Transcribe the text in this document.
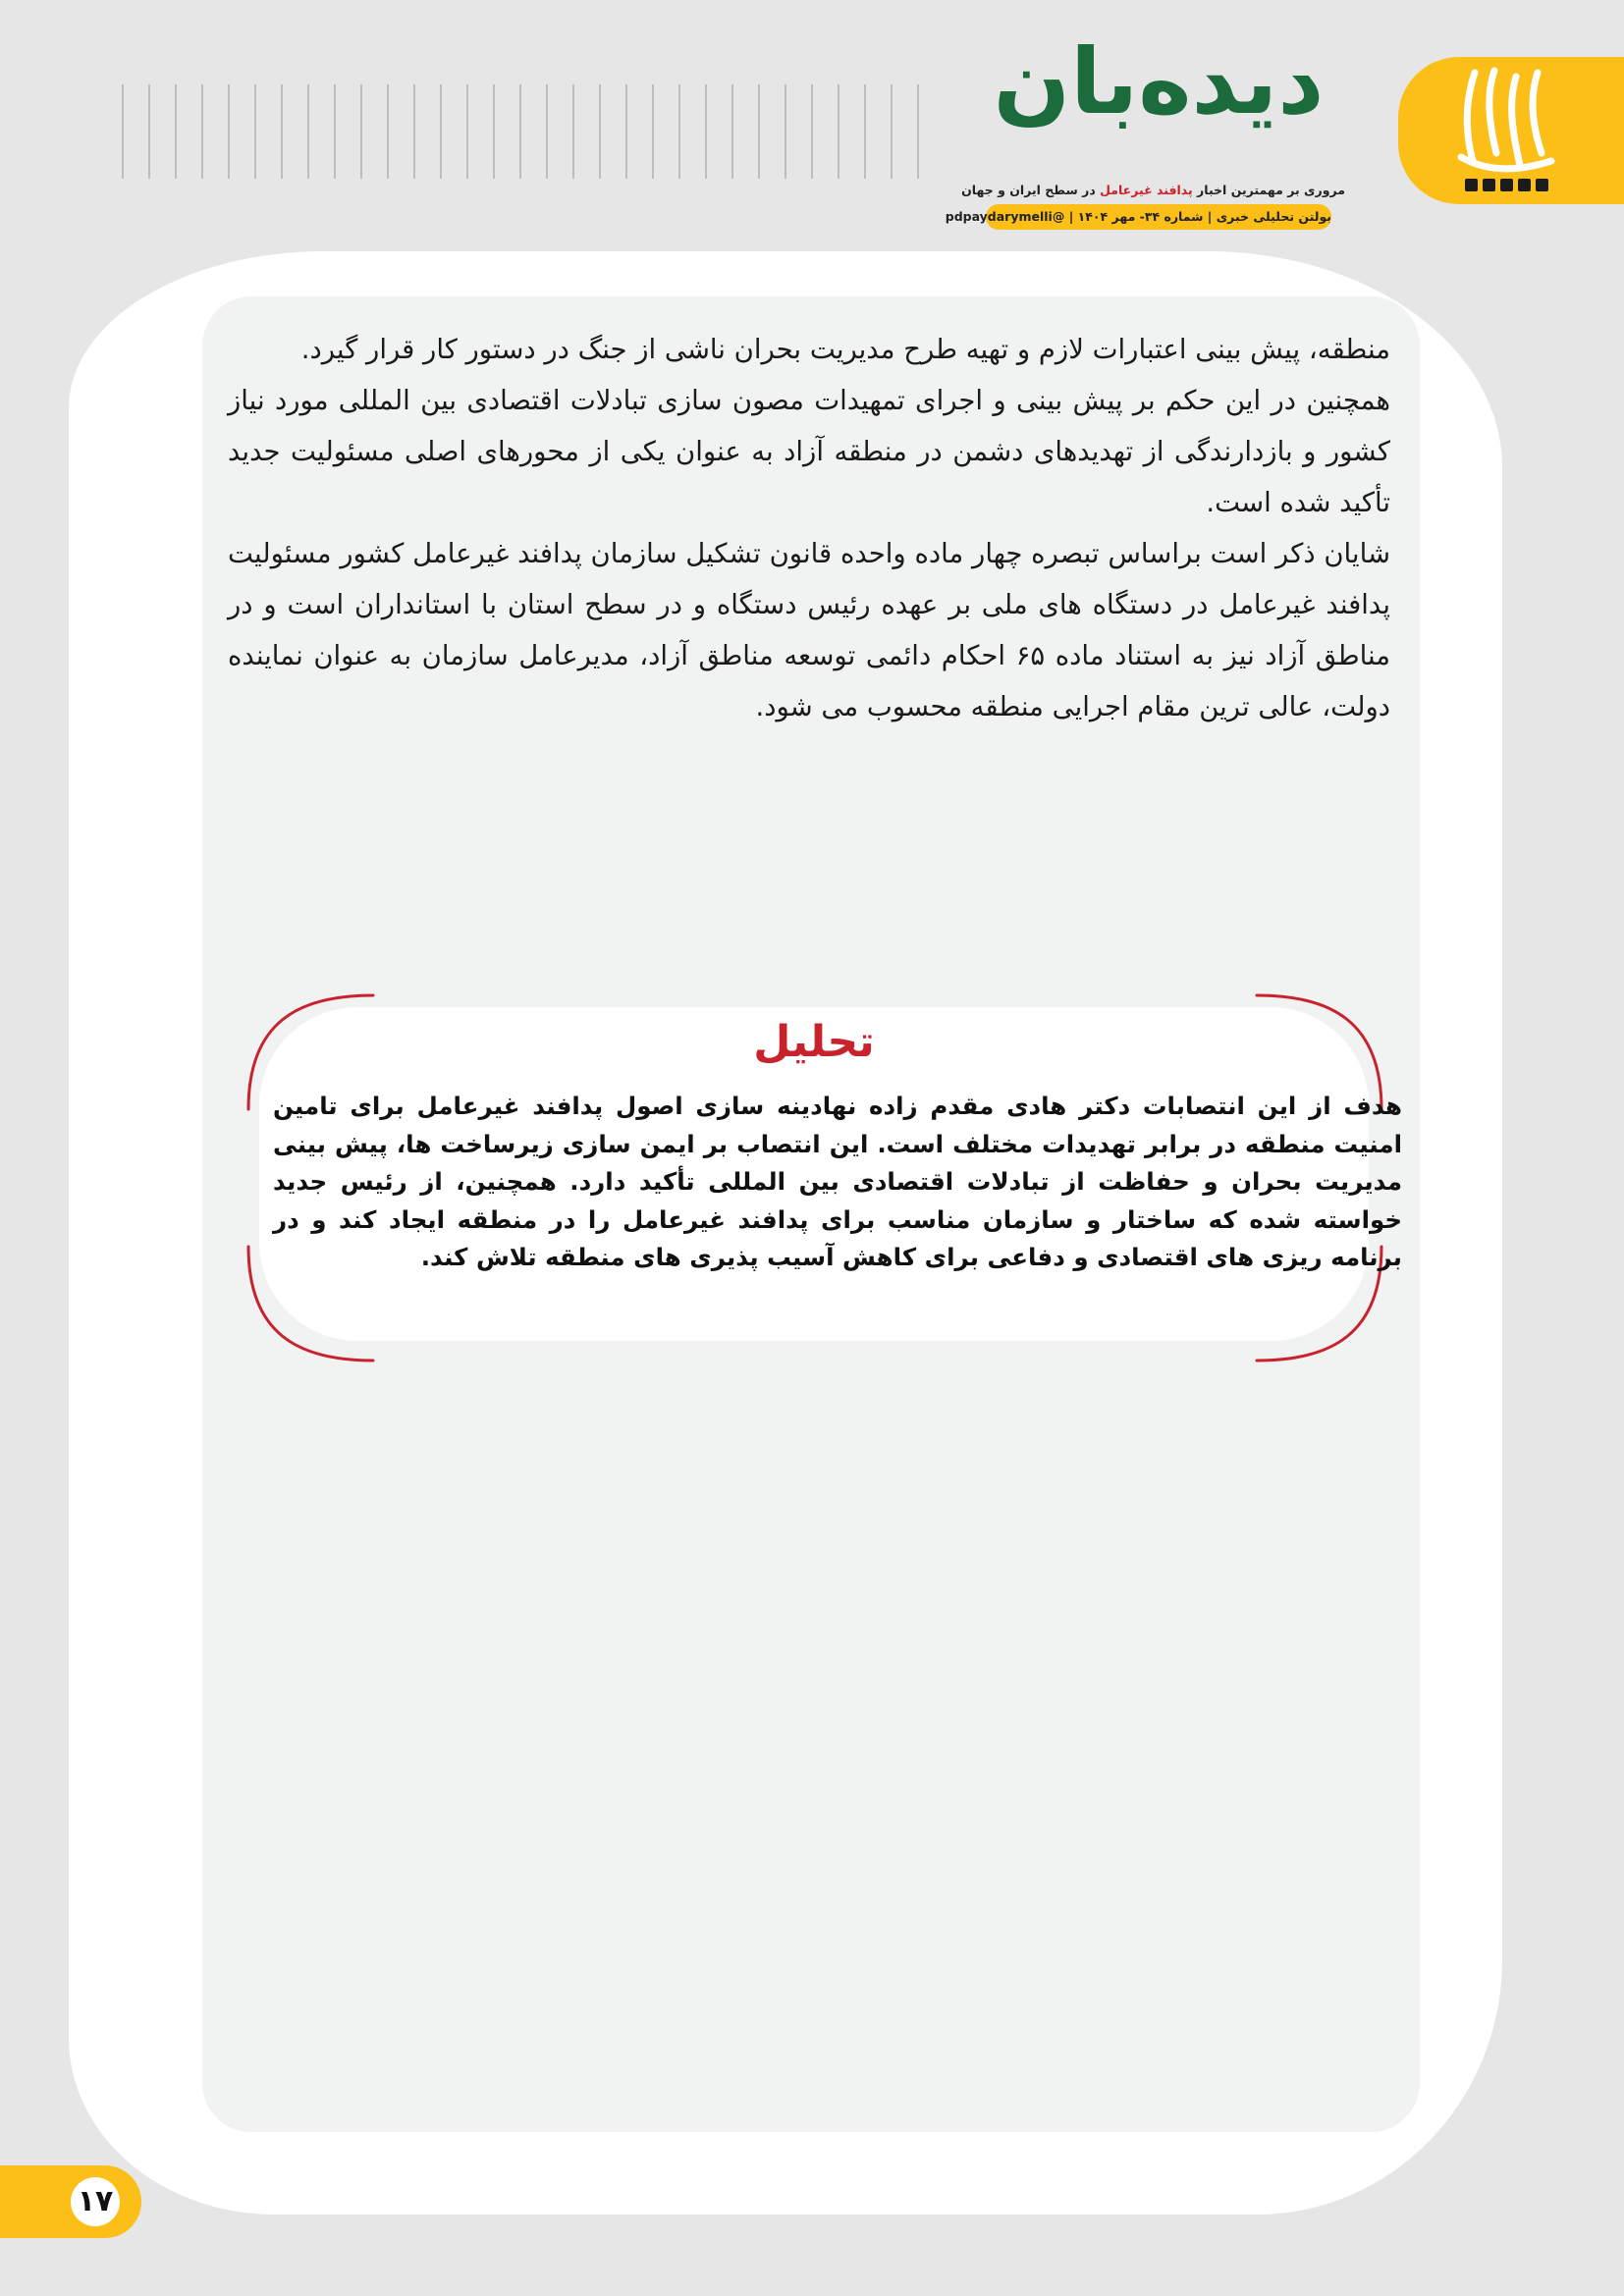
دیده‌بان
مروری بر مهمترین اخبار پدافند غیرعامل در سطح ایران و جهان
بولتن تحلیلی خبری | شماره ۳۴- مهر ۱۴۰۴ | @pdpaydarymelli

منطقه، پیش بینی اعتبارات لازم و تهیه طرح مدیریت بحران ناشی از جنگ در دستور کار قرار گیرد.

همچنین در این حکم بر پیش بینی و اجرای تمهیدات مصون سازی تبادلات اقتصادی بین المللی مورد نیاز کشور و بازدارندگی از تهدیدهای دشمن در منطقه آزاد به عنوان یکی از محورهای اصلی مسئولیت جدید تأکید شده است.

شایان ذکر است براساس تبصره چهار ماده واحده قانون تشکیل سازمان پدافند غیرعامل کشور مسئولیت پدافند غیرعامل در دستگاه های ملی بر عهده رئیس دستگاه و در سطح استان با استانداران است و در مناطق آزاد نیز به استناد ماده ۶۵ احکام دائمی توسعه مناطق آزاد، مدیرعامل سازمان به عنوان نماینده دولت، عالی ترین مقام اجرایی منطقه محسوب می شود.

تحلیل
هدف از این انتصابات دکتر هادی مقدم زاده نهادینه سازی اصول پدافند غیرعامل برای تامین امنیت منطقه در برابر تهدیدات مختلف است. این انتصاب بر ایمن سازی زیرساخت ها، پیش بینی مدیریت بحران و حفاظت از تبادلات اقتصادی بین المللی تأکید دارد. همچنین، از رئیس جدید خواسته شده که ساختار و سازمان مناسب برای پدافند غیرعامل را در منطقه ایجاد کند و در برنامه ریزی های اقتصادی و دفاعی برای کاهش آسیب پذیری های منطقه تلاش کند.
۱۷
